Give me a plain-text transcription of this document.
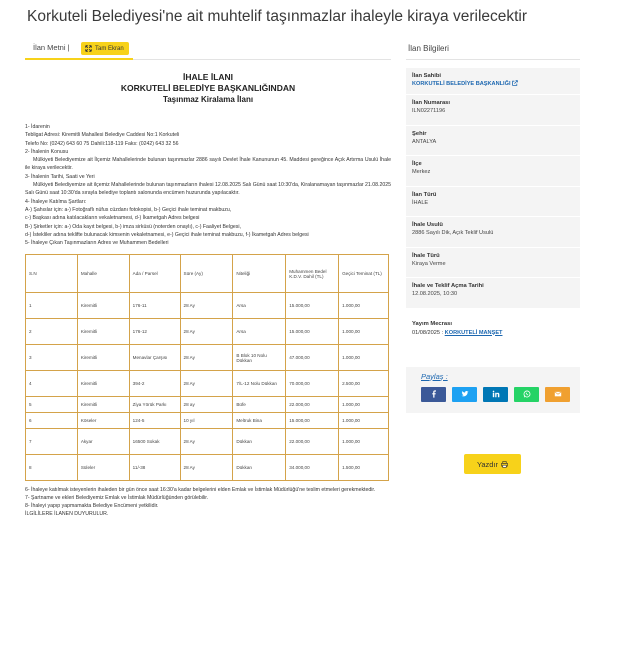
Korkuteli Belediyesi'ne ait muhtelif taşınmazlar ihaleyle kiraya verilecektir
İlan Metni |	Tam Ekran
İHALE İLANI
KORKUTELİ BELEDİYE BAŞKANLIĞINDAN
Taşınmaz Kiralama İlanı

1- İdarenin

Tebligat Adresi: Kiremitli Mahallesi Belediye Caddesi No:1 Korkuteli

Telefo No: (0242) 643 60 75 Dahili:118-119 Faks: (0242) 643 32 56

2- İhalenin Konusu

Mülkiyeti Belediyemize ait İlçemiz Mahallelerinde bulunan taşınmazlar 2886 sayılı Devlet İhale Kanununun 45. Maddesi gereğince Açık Artırma Usulü İhale ile kiraya verilecektir.

3- İhalenin Tarihi, Saati ve Yeri

Mülkiyeti Belediyemize ait ilçemiz Mahallelerinde bulunan taşınmazların ihalesi 12.08.2025 Salı Günü saat 10:30'da, Kiralanamayan taşınmazlar 21.08.2025 Salı Günü saat 10:30'da sırayla belediye toplantı salonunda encümen huzurunda yapılacaktır.

4- İhaleye Katılma Şartları:

A-) Şahıslar için: a-) Fotoğraflı nüfus cüzdanı fotokopisi, b-) Geçici ihale teminat makbuzu,

c-) Başkası adına katılacakların vekaletnamesi, d-) İkametgah Adres belgesi

B-) Şirketler için: a-) Oda kayıt belgesi, b-) imza sirküsü (noterden onaylı), c-) Faaliyet Belgesi,

d-) İstekliler adına teklifte bulunacak kimsenin vekaletnamesi, e-) Geçici ihale teminat makbuzu, f-) İkametgah Adres belgesi

5- İhaleye Çıkan Taşınmazların Adres ve Muhammen Bedelleri

S.N	Mahalle	Ada / Parsel	Süre (Ay)	Niteliği	Muhammen Bedel K.D.V. Dahil (TL)	Geçici Teminat (TL)
1	Kiremitli	176-11	28 Ay	Arsa	15.000,00	1.000,00
2	Kiremitli	176-12	28 Ay	Arsa	15.000,00	1.000,00
3	Kiremitli	Menavlar Çarşısı	28 Ay	B Blok 10 Nolu Dükkan	47.000,00	1.000,00
4	Kiremitli	394-2	28 Ay	7/L-12 Nolu Dükkan	70.000,00	2.500,00
5	Kiremitli	Ziya Yörük Parkı	28 ay	Büfe	22.000,00	1.000,00
6	Köseler	124-5	10 yıl	Meltruk Bina	15.000,00	1.000,00
7	Akyar	16500 Sokak	28 Ay	Dükkan	22.000,00	1.000,00
8	Süleler	11/-38	28 Ay	Dükkan	34.000,00	1.500,00

6- İhaleye katılmak isteyenlerin ihaleden bir gün önce saat 16:30'a kadar belgelerini elden Emlak ve İstimlak Müdürlüğü'ne teslim etmeleri gerekmektedir.

7- Şartname ve ekleri Belediyemiz Emlak ve İstimlak Müdürlüğünden görülebilir.

8- İhaleyi yapıp yapmamakta Belediye Encümeni yetkilidir.

İLGİLİLERE İLANEN DUYURULUR.

İlan Bilgileri
İlan Sahibi
KORKUTELİ BELEDİYE BAŞKANLIĞI
İlan Numarası
ILN02271196
Şehir
ANTALYA
İlçe
Merkez
İlan Türü
İHALE
İhale Usulü
2886 Sayılı Dik, Açık Teklif Usulü
İhale Türü
Kiraya Verme
İhale ve Teklif Açma Tarihi
12.08.2025, 10:30
Yayım Mecrası
01/08/2025 : KORKUTELİ MANŞET
Paylaş :
Yazdır
